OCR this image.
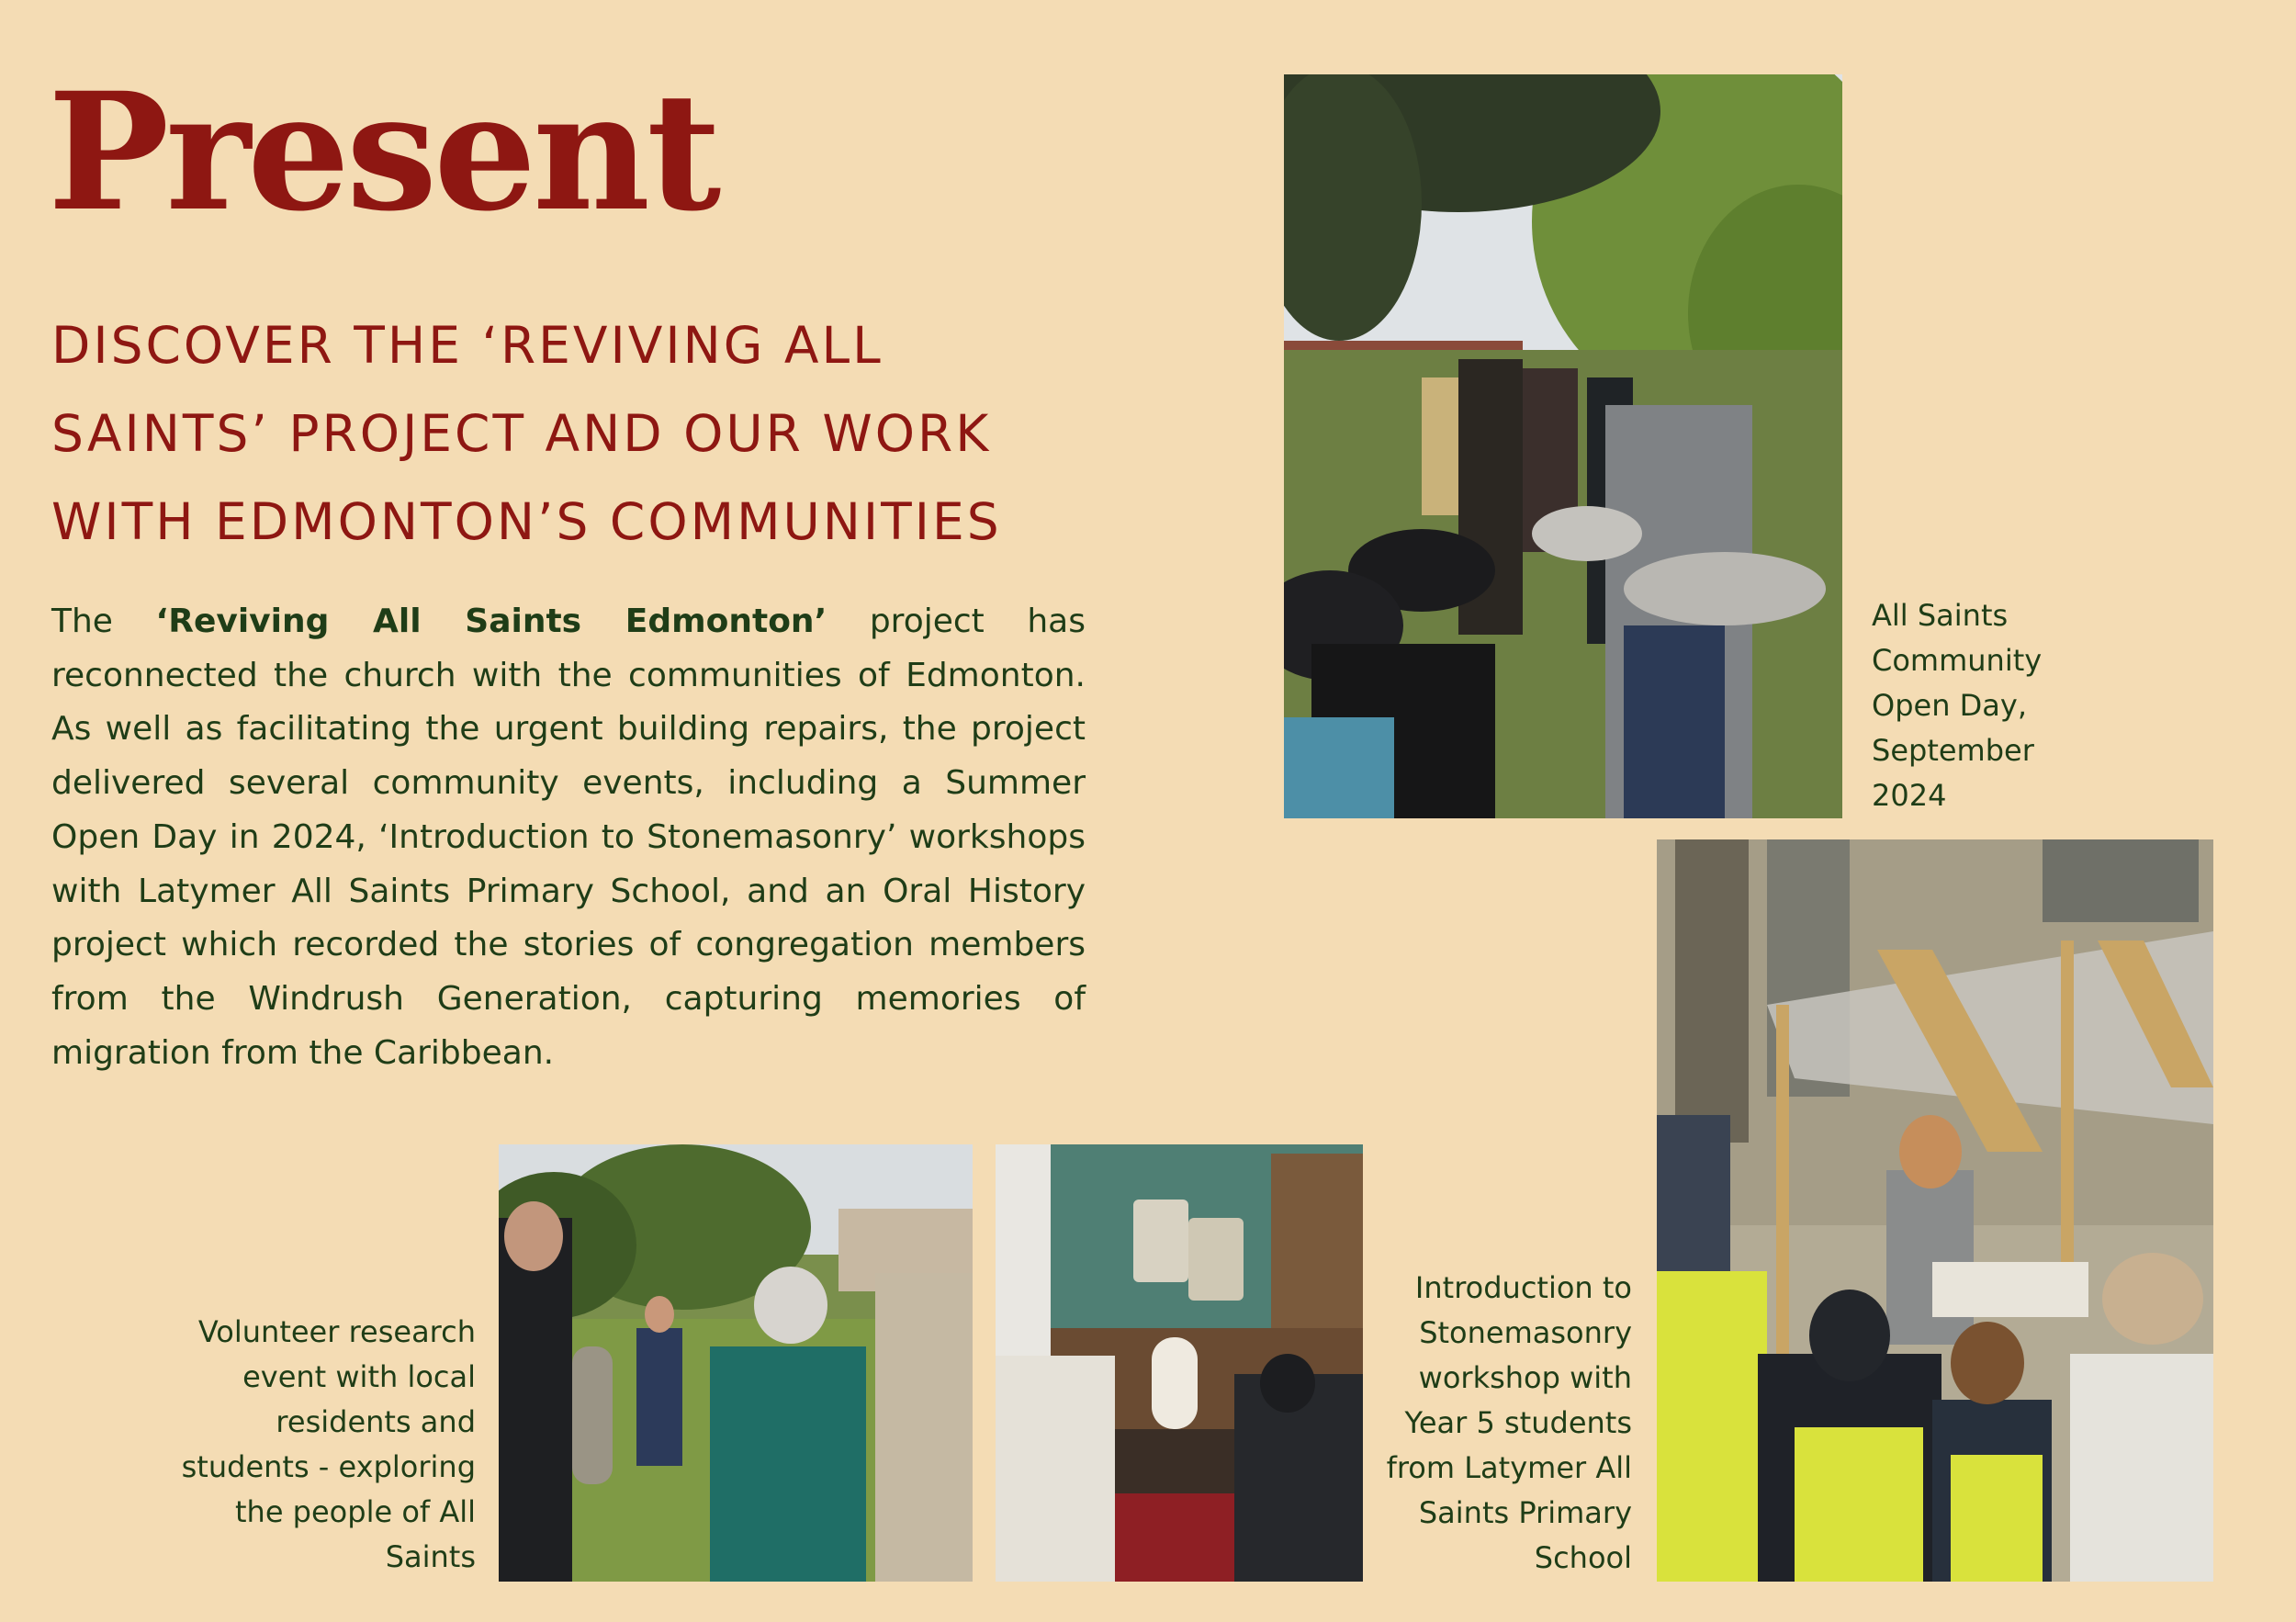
Present
DISCOVER THE ‘REVIVING ALL
SAINTS’ PROJECT AND OUR WORK
WITH EDMONTON’S COMMUNITIES

The ‘Reviving All Saints Edmonton’ project has reconnected the church with the communities of Edmonton. As well as facilitating the urgent building repairs, the project delivered several community events, including a Summer Open Day in 2024, ‘Introduction to Stonemasonry’ workshops with Latymer All Saints Primary School, and an Oral History project which recorded the stories of congregation members from the Windrush Generation, capturing memories of migration from the Caribbean.

All Saints
Community
Open Day,
September
2024

Introduction to
Stonemasonry
workshop with
Year 5 students
from Latymer All
Saints Primary
School

Volunteer research
event with local
residents and
students - exploring
the people of All
Saints
